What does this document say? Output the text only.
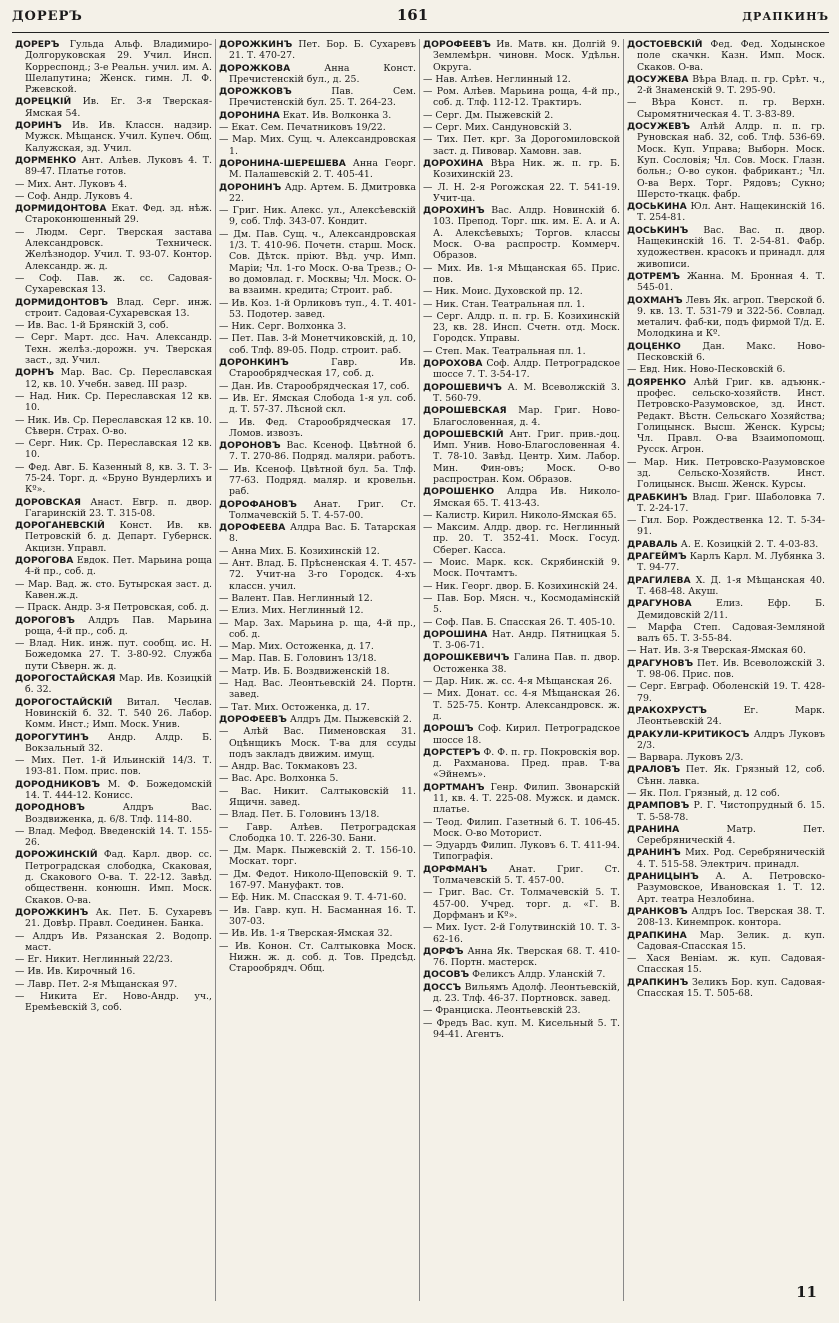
ДОРЕРЪ	161	ДРАПКИНЪ
ДОРЕРЪ Гульда Альф. Владимиро-Долгоруковская 29. Учил. Инсп. Корреспонд.; 3-е Реальн. учил. им. А. Шелапутина; Женск. гимн. Л. Ф. Ржевской.
ДОРЕЦКІЙ Ив. Ег. 3-я Тверская-Ямская 54.
ДОРИНЪ Ив. Ив. Классн. надзир. Мужск. Мѣщанск. Учил. Купеч. Общ. Калужская, зд. Учил.
ДОРМЕНКО Ант. Алѣев. Луковъ 4. Т. 89-47. Платье готов.
— Мих. Ант. Луковъ 4.
— Соф. Андр. Луковъ 4.
ДОРМИДОНТОВА Екат. Фед. зд. нѣж. Староконюшенный 29.
— Людм. Серг. Тверская застава Александровск. Техническ. Желѣзнодор. Учил. Т. 93-07. Контор. Александр. ж. д.
— Соф. Пав. ж. сс. Садовая-Сухаревская 13.
ДОРМИДОНТОВЪ Влад. Серг. инж. строит. Садовая-Сухаревская 13.
— Ив. Вас. 1-й Брянскій 3, соб.
— Серг. Март. дсс. Нач. Александр. Техн. желѣз.-дорожн. уч. Тверская заст., зд. Учил.
ДОРНЪ Мар. Вас. Ср. Переславская 12, кв. 10. Учебн. завед. III разр.
— Над. Ник. Ср. Переславская 12 кв. 10.
— Ник. Ив. Ср. Переславская 12 кв. 10. Сѣверн. Страх. О-во.
— Серг. Ник. Ср. Переславская 12 кв. 10.
— Фед. Авг. Б. Казенный 8, кв. 3. Т. 3-75-24. Торг. д. «Бруно Вундерлихъ и Кº».
ДОРОВСКАЯ Анаст. Евгр. п. двор. Гагаринскій 23. Т. 315-08.
ДОРОГАНЕВСКІЙ Конст. Ив. кв. Петровскій б. д. Департ. Губернск. Акцизн. Управл.
ДОРОГОВА Евдок. Пет. Марьина роща 4-й пр., соб. д.
— Мар. Вад. ж. сто. Бутырская заст. д. Кавен.ж.д.
— Праск. Андр. 3-я Петровская, соб. д.
ДОРОГОВЪ Алдръ Пав. Марьина роща, 4-й пр., соб. д.
— Влад. Ник. инж. пут. сообщ. ис. Н. Божедомка 27. Т. 3-80-92. Служба пути Сѣверн. ж. д.
ДОРОГОСТАЙСКАЯ Мар. Ив. Козицкій б. 32.
ДОРОГОСТАЙСКІЙ Витал. Чеслав. Новинскій б. 32. Т. 540 26. Лабор. Комм. Инст.; Имп. Моск. Унив.
ДОРОГУТИНЪ Андр. Алдр. Б. Вокзальный 32.
— Мих. Пет. 1-й Ильинскій 14/3. Т. 193-81. Пом. прис. пов.
ДОРОДНИКОВЪ М. Ф. Божедомскій 14. Т. 444-12. Конисс.
ДОРОДНОВЪ	Алдръ Вас. Воздвиженка, д. 6/8. Тлф. 114-80.
— Влад. Мефод. Введенскій 14. Т. 155-26.
ДОРОЖИНСКІЙ Фад. Карл. двор. сс. Петроградская слободка, Скаковая, д. Скакового О-ва. Т. 22-12. Завѣд. общественн. конюшн. Имп. Моск. Скаков. О-ва.
ДОРОЖКИНЪ Ак. Пет. Б. Сухаревъ 21. Довѣр. Правл. Соединен. Банка.
— Алдръ Ив. Рязанская 2. Водопр. маст.
— Ег. Никит. Неглинный 22/23.
— Ив. Ив. Кирочный 16.
— Лавр. Пет. 2-я Мѣщанская 97.
— Никита Ег. Ново-Андр. уч., Еремѣевскій 3, соб.
ДОРОЖКИНЪ Пет. Бор. Б. Сухаревъ 21. Т. 470-27.
ДОРОЖКОВА	Анна Конст. Пречистенскій бул., д. 25.
ДОРОЖКОВЪ	Пав. Сем. Пречистенскій бул. 25. Т. 264-23.
ДОРОНИНА Екат. Ив. Волконка 3.
— Екат. Сем. Печатниковъ 19/22.
— Мар. Мих. Сущ. ч. Александровская 1.
ДОРОНИНА-ШЕРЕШЕВА Анна Георг. М. Палашевскій 2. Т. 405-41.
ДОРОНИНЪ Адр. Артем. Б. Дмитровка 22.
— Григ. Ник. Алекс. ул., Алексѣевскій 9, соб. Тлф. 343-07. Кондит.
— Дм. Пав. Сущ. ч., Александровская 1/3. Т. 410-96. Почетн. старш. Моск. Сов. Дѣтск. пріют. Вѣд. учр. Имп. Маріи; Чл. 1-го Моск. О-ва Трезв.; О-во домовлад. г. Москвы; Чл. Моск. О-ва взаимн. кредита; Строит. раб.
— Ив. Коз. 1-й Орликовъ туп., 4. Т. 401-53. Подотер. завед.
— Ник. Серг. Волхонка 3.
— Пет. Пав. 3-й Монетчиковскій, д. 10, соб. Тлф. 89-05. Подр. строит. раб.
ДОРОНКИНЪ	Гавр. Ив. Старообрядческая 17, соб. д.
— Дан. Ив. Старообрядческая 17, соб.
— Ив. Ег. Ямская Слобода 1-я ул. соб. д. Т. 57-37. Лѣсной скл.
— Ив. Фед. Старообрядческая 17. Ломов. извозъ.
ДОРОНОВЪ Вас. Ксеноф. Цвѣтной б. 7. Т. 270-86. Подряд. маляри. работъ.
— Ив. Ксеноф. Цвѣтной бул. 5а. Тлф. 77-63. Подряд. маляр. и кровельн. раб.
ДОРОФАНОВЪ Анат. Григ. Ст. Толмачевскій 5. Т. 4-57-00.
ДОРОФЕЕВА Алдра Вас. Б. Татарская 8.
— Анна Мих. Б. Козихинскій 12.
— Ант. Влад. Б. Прѣсненская 4. Т. 457-72. Учит-на 3-го Городск. 4-хъ классн. учил.
— Валент. Пав. Неглинный 12.
— Елиз. Мих. Неглинный 12.
— Мар. Зах. Марьина р. ща, 4-й пр., соб. д.
— Мар. Мих. Остоженка, д. 17.
— Мар. Пав. Б. Головинъ 13/18.
— Матр. Ив. Б. Воздвиженскій 18.
— Над. Вас. Леонтьевскій 24. Портн. завед.
— Тат. Мих. Остоженка, д. 17.
ДОРОФЕЕВЪ Алдръ Дм. Пыжевскій 2.
— Алѣй Вас. Пименовская 31. Оцѣнщикъ Моск. Т-ва для ссуды подъ закладъ движим. имущ.
— Андр. Вас. Токмаковъ 23.
— Вас. Арс. Волхонка 5.
— Вас. Никит. Салтыковскій 11. Ящичн. завед.
— Влад. Пет. Б. Головинъ 13/18.
— Гавр. Алѣев. Петроградская Слободка 10. Т. 226-30. Бани.
— Дм. Марк. Пыжевскій 2. Т. 156-10. Москат. торг.
— Дм. Федот. Николо-Щеповскій 9. Т. 167-97. Мануфакт. тов.
— Еф. Ник. М. Спасская 9. Т. 4-71-60.
— Ив. Гавр. куп. Н. Басманная 16. Т. 307-03.
— Ив. Ив. 1-я Тверская-Ямская 32.
— Ив. Конон. Ст. Салтыковка Моск. Нижн. ж. д. соб. д. Тов. Предсѣд. Старообрядч. Общ.
ДОРОФЕЕВЪ Ив. Матв. кн. Долгій 9. Землемѣрн. чиновн. Моск. Удѣльн. Округа.
— Нав. Алѣев. Неглинный 12.
— Ром. Алѣев. Марьина роща, 4-й пр., соб. д. Тлф. 112-12. Трактиръ.
— Серг. Дм. Пыжевскій 2.
— Серг. Мих. Сандуновскій 3.
— Тих. Пет. крг. За Дорогомиловской заст. д. Пивовар. Хамовн. зав.
ДОРОХИНА Вѣра Ник. ж. п. гр. Б. Козихинскій 23.
— Л. Н. 2-я Рогожская 22. Т. 541-19. Учит-ца.
ДОРОХИНЪ Вас. Алдр. Новинскій б. 103. Препод. Торг. шк. им. Е. А. и А. А. Алексѣевыхъ; Торгов. классы Моск. О-ва распростр. Коммерч. Образов.
— Мих. Ив. 1-я Мѣщанская 65. Прис. пов.
— Ник. Моис. Духовской пр. 12.
— Ник. Стан. Театральная пл. 1.
— Серг. Алдр. п. п. гр. Б. Козихинскій 23, кв. 28. Инсп. Счетн. отд. Моск. Городск. Управы.
— Степ. Мак. Театральная пл. 1.
ДОРОХОВА Соф. Алдр. Петроградское шоссе 7. Т. 3-54-17.
ДОРОШЕВИЧЪ А. М. Всеволжскій 3. Т. 560-79.
ДОРОШЕВСКАЯ Мар. Григ. Ново-Благословенная, д. 4.
ДОРОШЕВСКІЙ Ант. Григ. прив.-доц. Имп. Унив. Ново-Благословенная 4. Т. 78-10. Завѣд. Центр. Хим. Лабор. Мин. Фин-овъ; Моск. О-во распростран. Ком. Образов.
ДОРОШЕНКО Алдра Ив. Николо-Ямская 65. Т. 413-43.
— Калистр. Кирил. Николо-Ямская 65.
— Максим. Алдр. двор. гс. Неглинный пр. 20. Т. 352-41. Моск. Госуд. Сберег. Касса.
— Моис. Марк. кск. Скрябинскій 9. Моск. Почтамтъ.
— Ник. Георг. двор. Б. Козихинскій 24.
— Пав. Бор. Мясн. ч., Космодамінскій 5.
— Соф. Пав. Б. Спасская 26. Т. 405-10.
ДОРОШИНА Нат. Андр. Пятницкая 5. Т. 3-06-71.
ДОРОШКЕВИЧЪ Галина Пав. п. двор. Остоженка 38.
— Дар. Ник. ж. сс. 4-я Мѣщанская 26.
— Мих. Донат. сс. 4-я Мѣщанская 26. Т. 525-75. Контр. Александровск. ж. д.
ДОРОШЪ Соф. Кирил. Петроградское шоссе 18.
ДОРСТЕРЪ Ф. Ф. п. гр. Покровскія вор. д. Рахманова. Пред. прав. Т-ва «Эйнемъ».
ДОРТМАНЪ Генр. Филип. Звонарскій 11, кв. 4. Т. 225-08. Мужск. и дамск. платье.
— Теод. Филип. Газетный 6. Т. 106-45. Моск. О-во Моторист.
— Эдуардъ Филип. Луковъ 6. Т. 411-94. Типографія.
ДОРФМАНЪ Анат. Григ. Ст. Толмачевскій 5. Т. 457-00.
— Григ. Вас. Ст. Толмачевскій 5. Т. 457-00. Учред. торг. д. «Г. В. Дорфманъ и Кº».
— Мих. Іуст. 2-й Голутвинскій 10. Т. 3-62-16.
ДОРФЪ Анна Як. Тверская 68. Т. 410-76. Портн. мастерск.
ДОСОВЪ Феликсъ Алдр. Уланскій 7.
ДОССЪ Вильямъ Адолф. Леонтьевскій, д. 23. Тлф. 46-37. Портновск. завед.
— Францискa. Леонтьевскій 23.
— Фредъ Вас. куп. М. Кисельный 5. Т. 94-41. Агентъ.
ДОСТОЕВСКІЙ Фед. Фед. Ходынское поле скачкн. Казн. Имп. Моск. Скаков. О-ва.
ДОСУЖЕВА Вѣра Влад. п. гр. Срѣт. ч., 2-й Знаменскій 9. Т. 295-90.
— Вѣра Конст. п. гр. Верхн. Сыромятническая 4. Т. 3-83-89.
ДОСУЖЕВЪ Алѣй Алдр. п. п. гр. Руновская наб. 32, соб. Тлф. 536-69. Моск. Куп. Управа; Выборн. Моск. Куп. Сословія; Чл. Сов. Моск. Глазн. больн.; О-во сукон. фабрикант.; Чл. О-ва Верх. Торг. Рядовъ; Сукно; Шерсто-ткацк. фабр.
ДОСЬКИНА Юл. Ант. Нащекинскій 16. Т. 254-81.
ДОСЬКИНЪ Вас. Вас. п. двор. Нащекинскій 16. Т. 2-54-81. Фабр. художествен. красокъ и принадл. для живописи.
ДОТРЕМЪ Жанна. М. Бронная 4. Т. 545-01.
ДОХМАНЪ Левъ Як. агроп. Тверской б. 9. кв. 13. Т. 531-79 и 322-56. Совлад. металич. фаб-ки, подъ фирмой Т/д. Е. Молодкина и Кº.
ДОЦЕНКО Дан. Макс. Ново-Песковскій 6.
— Евд. Ник. Ново-Песковскій 6.
ДОЯРЕНКО Алѣй Григ. кв. адъюнк.-профес. сельско-хозяйств. Инст. Петровско-Разумовское, зд. Инст. Редакт. Вѣстн. Сельскаго Хозяйства; Голицынск. Высш. Женск. Курсы; Чл. Правл. О-ва Взаимопомощ. Русск. Агрон.
— Мар. Ник. Петровско-Разумовское зд. Сельско-Хозяйств. Инст. Голицынск. Высш. Женск. Курсы.
ДРАБКИНЪ Влад. Григ. Шаболовка 7. Т. 2-24-17.
— Гил. Бор. Рождественка 12. Т. 5-34-91.
ДРАВАЛЬ А. Е. Козицкій 2. Т. 4-03-83.
ДРАГЕЙМЪ Карлъ Карл. М. Лубянка 3. Т. 94-77.
ДРАГИЛЕВА Х. Д. 1-я Мѣщанская 40. Т. 468-48. Акуш.
ДРАГУНОВА	Елиз. Ефр. Б. Демидовскій 2/11.
— Марфа Степ. Садовая-Земляной валъ 65. Т. 3-55-84.
— Нат. Ив. 3-я Тверская-Ямская 60.
ДРАГУНОВЪ Пет. Ив. Всеволожскій 3. Т. 98-06. Прис. пов.
— Серг. Евграф. Оболенскій 19. Т. 428-79.
ДРАКОХРУСТЪ	Ег. Марк. Леонтьевскій 24.
ДРАКУЛИ-КРИТИКОСЪ Алдръ Луковъ 2/3.
— Варвара. Луковъ 2/3.
ДРАЛОВЪ Пет. Як. Грязный 12, соб. Сѣнн. лавка.
— Як. Пол. Грязный, д. 12 соб.
ДРАМПОВЪ Р. Г. Чистопрудный б. 15. Т. 5-58-78.
ДРАНИНА	Матр. Пет. Серебряническій 4.
ДРАНИНЪ Мих. Род. Серебряническій 4. Т. 515-58. Электрич. принадл.
ДРАНИЦЫНЪ А. А. Петровско-Разумовское, Ивановская 1. Т. 12. Арт. театра Незлобина.
ДРАНКОВЪ Алдръ Іос. Тверская 38. Т. 208-13. Кинемпрок. контора.
ДРАПКИНА Мар. Зелик. д. куп. Садовая-Спасская 15.
— Хася Веніам. ж. куп. Садовая-Спасская 15.
ДРАПКИНЪ Зеликъ Бор. куп. Садовая-Спасская 15. Т. 505-68.
11
